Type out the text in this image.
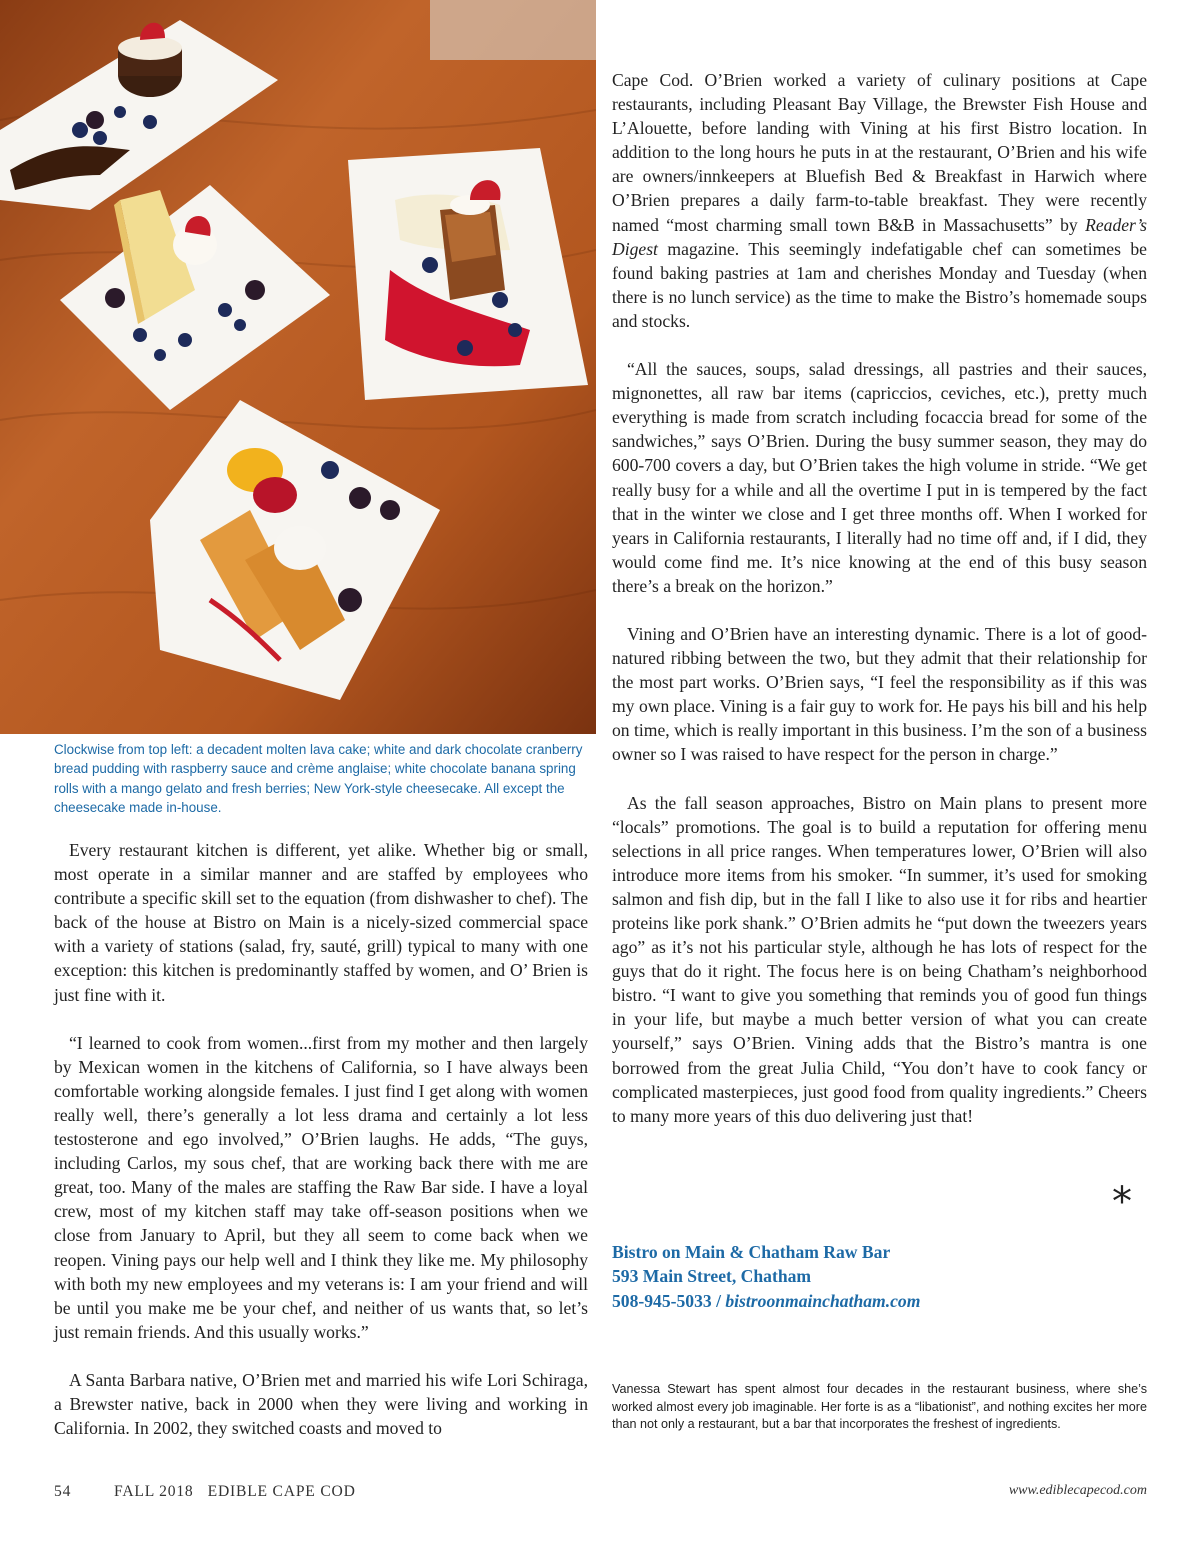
Clockwise from top left: a decadent molten lava cake; white and dark chocolate cranberry bread pudding with raspberry sauce and crème anglaise; white chocolate banana spring rolls with a mango gelato and fresh berries; New York-style cheesecake. All except the cheesecake made in-house.

Every restaurant kitchen is different, yet alike. Whether big or small, most operate in a similar manner and are staffed by employees who contribute a specific skill set to the equation (from dishwasher to chef). The back of the house at Bistro on Main is a nicely-sized commercial space with a variety of stations (salad, fry, sauté, grill) typical to many with one exception: this kitchen is predominantly staffed by women, and O’ Brien is just fine with it.

“I learned to cook from women...first from my mother and then largely by Mexican women in the kitchens of California, so I have always been comfortable working alongside females. I just find I get along with women really well, there’s generally a lot less drama and certainly a lot less testosterone and ego involved,” O’Brien laughs. He adds, “The guys, including Carlos, my sous chef, that are working back there with me are great, too. Many of the males are staffing the Raw Bar side. I have a loyal crew, most of my kitchen staff may take off-season positions when we close from January to April, but they all seem to come back when we reopen. Vining pays our help well and I think they like me. My philosophy with both my new employees and my veterans is: I am your friend and will be until you make me be your chef, and neither of us wants that, so let’s just remain friends. And this usually works.”

A Santa Barbara native, O’Brien met and married his wife Lori Schiraga, a Brewster native, back in 2000 when they were living and working in California. In 2002, they switched coasts and moved to

Cape Cod. O’Brien worked a variety of culinary positions at Cape restaurants, including Pleasant Bay Village, the Brewster Fish House and L’Alouette, before landing with Vining at his first Bistro location. In addition to the long hours he puts in at the restaurant, O’Brien and his wife are owners/innkeepers at Bluefish Bed & Breakfast in Harwich where O’Brien prepares a daily farm-to-table breakfast. They were recently named “most charming small town B&B in Massachusetts” by Reader’s Digest magazine. This seemingly indefatigable chef can sometimes be found baking pastries at 1am and cherishes Monday and Tuesday (when there is no lunch service) as the time to make the Bistro’s homemade soups and stocks.

“All the sauces, soups, salad dressings, all pastries and their sauces, mignonettes, all raw bar items (capriccios, ceviches, etc.), pretty much everything is made from scratch including focaccia bread for some of the sandwiches,” says O’Brien. During the busy summer season, they may do 600-700 covers a day, but O’Brien takes the high volume in stride. “We get really busy for a while and all the overtime I put in is tempered by the fact that in the winter we close and I get three months off. When I worked for years in California restaurants, I literally had no time off and, if I did, they would come find me. It’s nice knowing at the end of this busy season there’s a break on the horizon.”

Vining and O’Brien have an interesting dynamic. There is a lot of good-natured ribbing between the two, but they admit that their relationship for the most part works. O’Brien says, “I feel the responsibility as if this was my own place. Vining is a fair guy to work for. He pays his bill and his help on time, which is really important in this business. I’m the son of a business owner so I was raised to have respect for the person in charge.”

As the fall season approaches, Bistro on Main plans to present more “locals” promotions. The goal is to build a reputation for offering menu selections in all price ranges. When temperatures lower, O’Brien will also introduce more items from his smoker. “In summer, it’s used for smoking salmon and fish dip, but in the fall I like to also use it for ribs and heartier proteins like pork shank.” O’Brien admits he “put down the tweezers years ago” as it’s not his particular style, although he has lots of respect for the guys that do it right. The focus here is on being Chatham’s neighborhood bistro. “I want to give you something that reminds you of good fun things in your life, but maybe a much better version of what you can create yourself,” says O’Brien. Vining adds that the Bistro’s mantra is one borrowed from the great Julia Child, “You don’t have to cook fancy or complicated masterpieces, just good food from quality ingredients.” Cheers to many more years of this duo delivering just that!

*
Bistro on Main & Chatham Raw Bar
593 Main Street, Chatham
508-945-5033 / bistroonmainchatham.com
Vanessa Stewart has spent almost four decades in the restaurant business, where she’s worked almost every job imaginable. Her forte is as a “libationist”, and nothing excites her more than not only a restaurant, but a bar that incorporates the freshest of ingredients.
54	FALL 2018   EDIBLE CAPE COD	www.ediblecapecod.com
